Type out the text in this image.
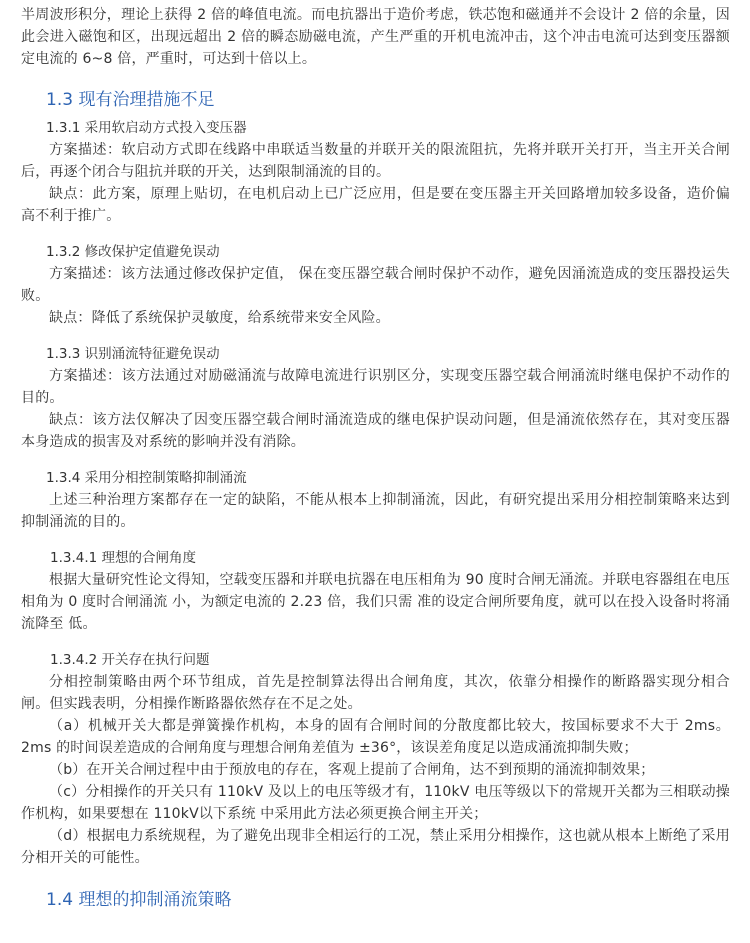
半周波形积分，理论上获得 2 倍的峰值电流。而电抗器出于造价考虑，铁芯饱和磁通并不会设计 2 倍的余量，因此会进入磁饱和区，出现远超出 2 倍的瞬态励磁电流，产生严重的开机电流冲击，这个冲击电流可达到变压器额定电流的 6~8 倍，严重时，可达到十倍以上。

1.3 现有治理措施不足

1.3.1 采用软启动方式投入变压器

方案描述：软启动方式即在线路中串联适当数量的并联开关的限流阻抗，先将并联开关打开，当主开关合闸后，再逐个闭合与阻抗并联的开关，达到限制涌流的目的。

缺点：此方案，原理上贴切，在电机启动上已广泛应用，但是要在变压器主开关回路增加较多设备，造价偏高不利于推广。

1.3.2 修改保护定值避免误动

方案描述：该方法通过修改保护定值， 保在变压器空载合闸时保护不动作，避免因涌流造成的变压器投运失败。

缺点：降低了系统保护灵敏度，给系统带来安全风险。

1.3.3 识别涌流特征避免误动

方案描述：该方法通过对励磁涌流与故障电流进行识别区分，实现变压器空载合闸涌流时继电保护不动作的目的。

缺点：该方法仅解决了因变压器空载合闸时涌流造成的继电保护误动问题，但是涌流依然存在，其对变压器本身造成的损害及对系统的影响并没有消除。

1.3.4 采用分相控制策略抑制涌流

上述三种治理方案都存在一定的缺陷，不能从根本上抑制涌流，因此，有研究提出采用分相控制策略来达到抑制涌流的目的。

1.3.4.1 理想的合闸角度

根据大量研究性论文得知，空载变压器和并联电抗器在电压相角为 90 度时合闸无涌流。并联电容器组在电压相角为 0 度时合闸涌流 小，为额定电流的 2.23 倍，我们只需 准的设定合闸所要角度，就可以在投入设备时将涌流降至 低。

1.3.4.2 开关存在执行问题

分相控制策略由两个环节组成，首先是控制算法得出合闸角度，其次，依靠分相操作的断路器实现分相合闸。但实践表明，分相操作断路器依然存在不足之处。

（a）机械开关大都是弹簧操作机构，本身的固有合闸时间的分散度都比较大，按国标要求不大于 2ms。2ms 的时间误差造成的合闸角度与理想合闸角差值为 ±36°，该误差角度足以造成涌流抑制失败；

（b）在开关合闸过程中由于预放电的存在，客观上提前了合闸角，达不到预期的涌流抑制效果；

（c）分相操作的开关只有 110kV 及以上的电压等级才有，110kV 电压等级以下的常规开关都为三相联动操作机构，如果要想在 110kV以下系统 中采用此方法必须更换合闸主开关；

（d）根据电力系统规程，为了避免出现非全相运行的工况，禁止采用分相操作，这也就从根本上断绝了采用分相开关的可能性。

1.4 理想的抑制涌流策略
